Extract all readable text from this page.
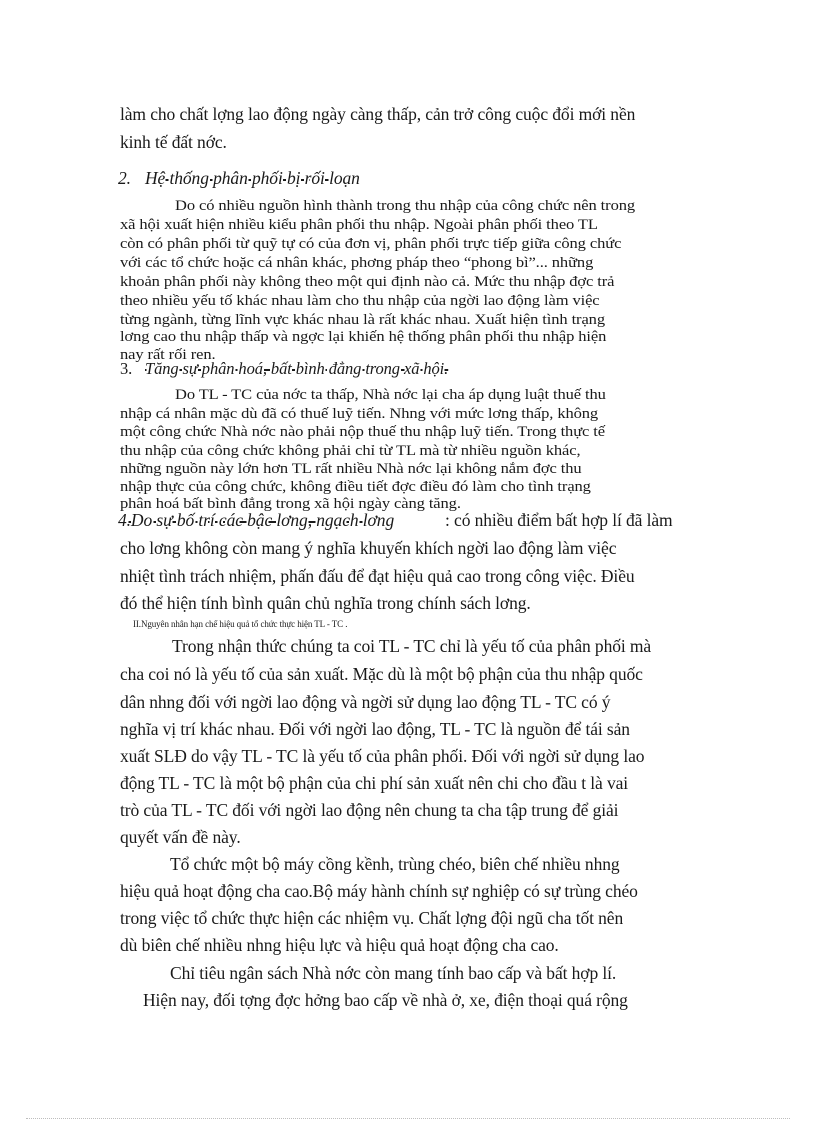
làm cho chất lợng lao động ngày càng thấp, cản trở công cuộc đổi mới nền
kinh tế đất nớc.
2. Hệ thống phân phối bị rối loạn
Do có nhiều nguồn hình thành trong thu nhập của công chức nên trong
xã hội xuất hiện nhiều kiểu phân phối thu nhập. Ngoài phân phối theo TL
còn có phân phối từ quỹ tự có của đơn vị, phân phối trực tiếp giữa công chức
với các tổ chức hoặc cá nhân khác, phơng pháp theo “phong bì”... những
khoản phân phối này không theo một qui định nào cả. Mức thu nhập đợc trả
theo nhiều yếu tố khác nhau làm cho thu nhập của ngời lao động làm việc
từng ngành, từng lĩnh vực khác nhau là rất khác nhau. Xuất hiện tình trạng
lơng cao thu nhập thấp và ngợc lại khiến hệ thống phân phối thu nhập hiện
nay rất rối ren.
3. Tăng sự phân hoá, bất bình đẳng trong xã hội.
Do TL - TC của nớc ta thấp, Nhà nớc lại cha áp dụng luật thuế thu
nhập cá nhân mặc dù đã có thuế luỹ tiến. Nhng với mức lơng thấp, không
một công chức Nhà nớc nào phải nộp thuế thu nhập luỹ tiến. Trong thực tế
thu nhập của công chức không phải chỉ từ TL mà từ nhiều nguồn khác,
những nguồn này lớn hơn TL rất nhiều Nhà nớc lại không nắm đợc thu
nhập thực của công chức, không điều tiết đợc điều đó làm cho tình trạng
phân hoá bất bình đẳng trong xã hội ngày càng tăng.
4.Do sự bố trí các bậc lơng, ngạch lơng	: có nhiều điểm bất hợp lí đã làm
cho lơng không còn mang ý nghĩa khuyến khích ngời lao động làm việc
nhiệt tình trách nhiệm, phấn đấu để đạt hiệu quả cao trong công việc. Điều
đó thể hiện tính bình quân chủ nghĩa trong chính sách lơng.
II.Nguyên nhân hạn chế hiệu quả tổ chức thực hiện TL - TC .
Trong nhận thức chúng ta coi TL - TC chỉ là yếu tố của phân phối mà
cha coi nó là yếu tố của sản xuất. Mặc dù là một bộ phận của thu nhập quốc
dân nhng đối với ngời lao động và ngời sử dụng lao động TL - TC có ý
nghĩa vị trí khác nhau. Đối với ngời lao động, TL - TC là nguồn để tái sản
xuất SLĐ do vậy TL - TC là yếu tố của phân phối. Đối với ngời sử dụng lao
động TL - TC là một bộ phận của chi phí sản xuất nên chi cho đầu t là vai
trò của TL - TC đối với ngời lao động nên chung ta cha tập trung để giải
quyết vấn đề này.
Tổ chức một bộ máy cồng kềnh, trùng chéo, biên chế nhiều nhng
hiệu quả hoạt động cha cao.Bộ máy hành chính sự nghiệp có sự trùng chéo
trong việc tổ chức thực hiện các nhiệm vụ. Chất lợng đội ngũ cha tốt nên
dù biên chế nhiều nhng hiệu lực và hiệu quả hoạt động cha cao.
Chỉ tiêu ngân sách Nhà nớc còn mang tính bao cấp và bất hợp lí.
Hiện nay, đối tợng đợc hởng bao cấp về nhà ở, xe, điện thoại quá rộng
